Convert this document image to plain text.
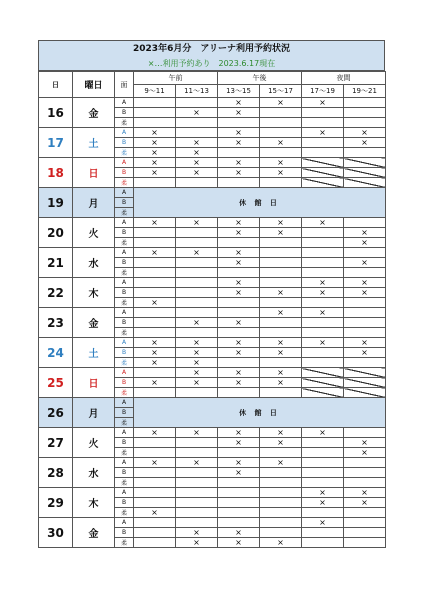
2023年6月分　アリーナ利用予約状況
×…利用予約あり　2023.6.17現在
日	曜日	面	午前		午後		夜間	
			9～11	11～13	13～15	15～17	17～19	19～21
16	金	A			×	×	×	
		B		×	×			
		柔						
17	土	A	×		×		×	×
		B	×	×	×	×		×
		柔	×	×				
18	日	A	×	×	×	×		
		B	×	×	×	×		
		柔						
19	月	A	休 館 日					
		B						
		柔						
20	火	A	×	×	×	×	×	
		B			×	×		×
		柔						×
21	水	A	×	×	×			
		B			×			×
		柔						
22	木	A			×		×	×
		B			×	×	×	×
		柔	×					
23	金	A				×	×	
		B		×	×			
		柔						
24	土	A	×	×	×	×	×	×
		B	×	×	×	×		×
		柔	×	×				
25	日	A		×	×	×		
		B	×	×	×	×		
		柔						
26	月	A	休 館 日					
		B						
		柔						
27	火	A	×	×	×	×	×	
		B			×	×		×
		柔						×
28	水	A	×	×	×	×		
		B			×			
		柔						
29	木	A					×	×
		B					×	×
		柔	×					
30	金	A					×	
		B		×	×			
		柔		×	×	×		
